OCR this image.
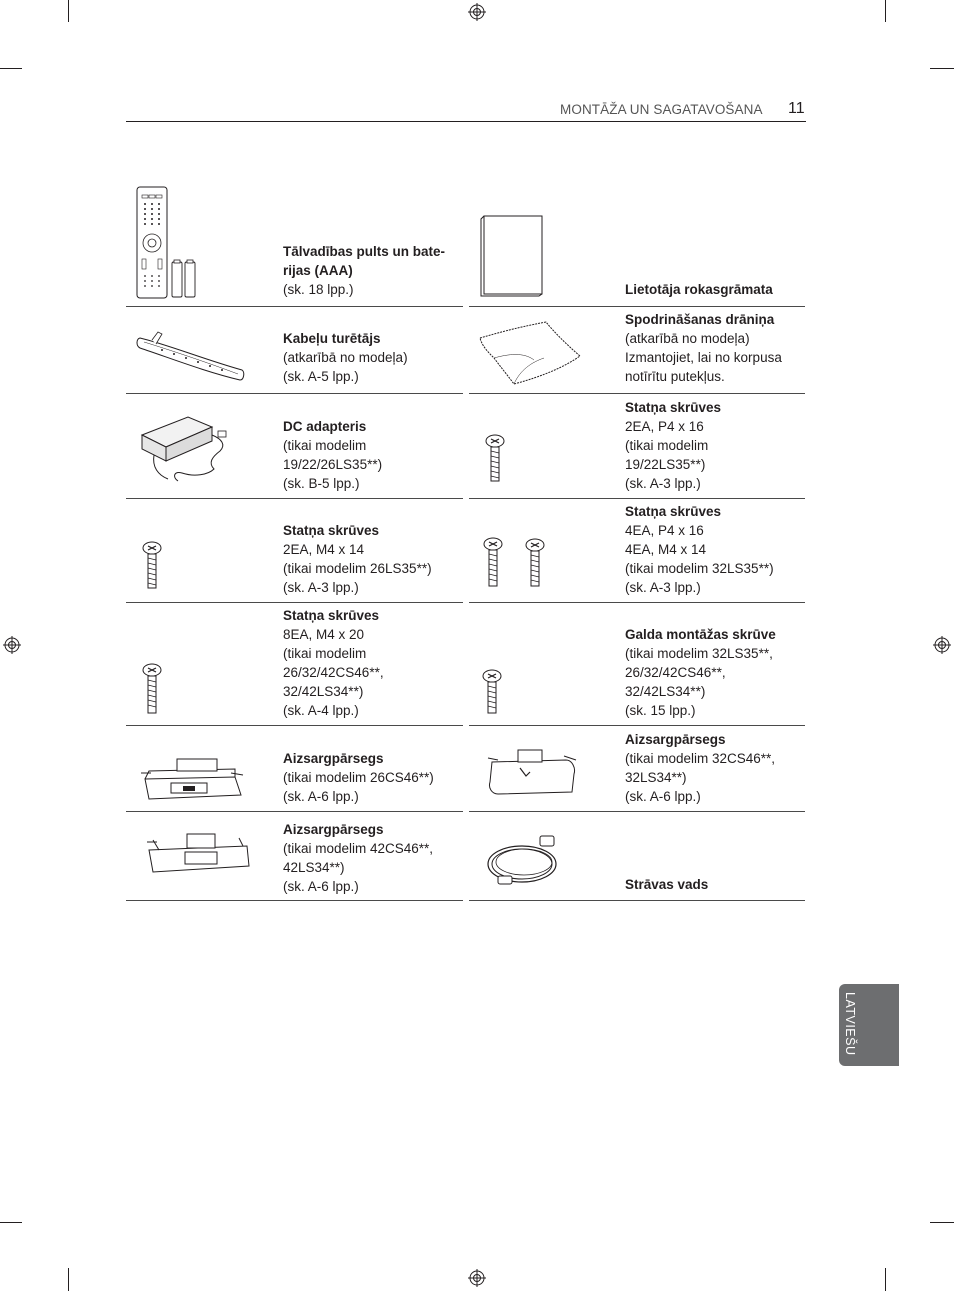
MONTĀŽA UN SAGATAVOŠANA 11
Tālvadības pults un bate-
rijas (AAA)
(sk. 18 lpp.)	Lietotāja rokasgrāmata
Kabeļu turētājs
(atkarībā no modeļa)
(sk. A-5 lpp.)
Spodrināšanas drāniņa
(atkarībā no modeļa)
Izmantojiet, lai no korpusa
notīrītu putekļus.
DC adapteris
(tikai modelim
19/22/26LS35**)
(sk. B-5 lpp.)
Statņa skrūves
2EA, P4 x 16
(tikai modelim
19/22LS35**)
(sk. A-3 lpp.)
Statņa skrūves
2EA, M4 x 14
(tikai modelim 26LS35**)
(sk. A-3 lpp.)
Statņa skrūves
4EA, P4 x 16
4EA, M4 x 14
(tikai modelim 32LS35**)
(sk. A-3 lpp.)
Statņa skrūves
8EA, M4 x 20
(tikai modelim
26/32/42CS46**,
32/42LS34**)
(sk. A-4 lpp.)
Galda montāžas skrūve
(tikai modelim 32LS35**,
26/32/42CS46**,
32/42LS34**)
(sk. 15 lpp.)
Aizsargpārsegs
(tikai modelim 26CS46**)
(sk. A-6 lpp.)
Aizsargpārsegs
(tikai modelim 32CS46**,
32LS34**)
(sk. A-6 lpp.)
Aizsargpārsegs
(tikai modelim 42CS46**,
42LS34**)
(sk. A-6 lpp.)	Strāvas vads
LATVIEŠU
